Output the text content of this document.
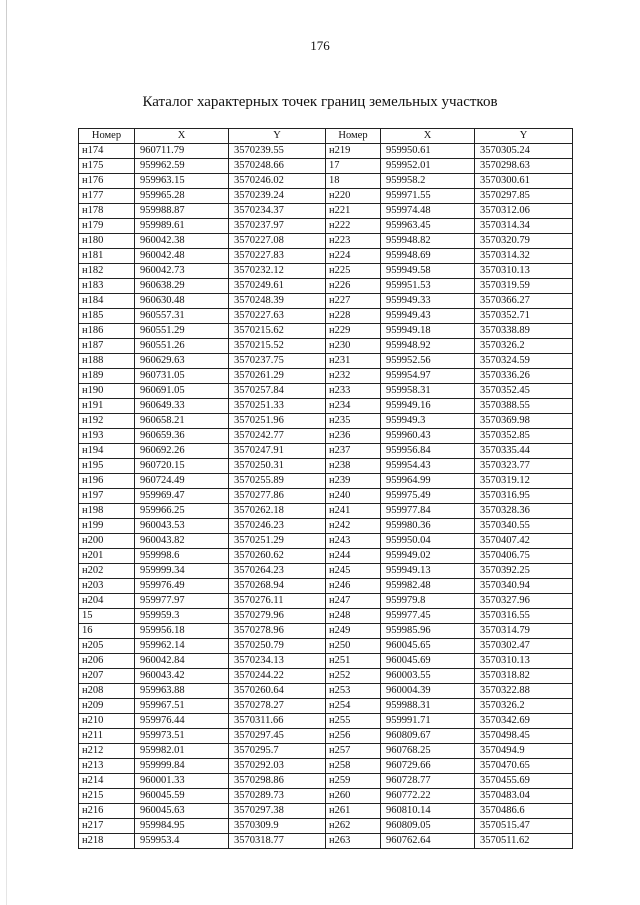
176
Каталог характерных точек границ земельных участков
Номер	X	Y	Номер	X	Y
н174	960711.79	3570239.55	н219	959950.61	3570305.24
н175	959962.59	3570248.66	17	959952.01	3570298.63
н176	959963.15	3570246.02	18	959958.2	3570300.61
н177	959965.28	3570239.24	н220	959971.55	3570297.85
н178	959988.87	3570234.37	н221	959974.48	3570312.06
н179	959989.61	3570237.97	н222	959963.45	3570314.34
н180	960042.38	3570227.08	н223	959948.82	3570320.79
н181	960042.48	3570227.83	н224	959948.69	3570314.32
н182	960042.73	3570232.12	н225	959949.58	3570310.13
н183	960638.29	3570249.61	н226	959951.53	3570319.59
н184	960630.48	3570248.39	н227	959949.33	3570366.27
н185	960557.31	3570227.63	н228	959949.43	3570352.71
н186	960551.29	3570215.62	н229	959949.18	3570338.89
н187	960551.26	3570215.52	н230	959948.92	3570326.2
н188	960629.63	3570237.75	н231	959952.56	3570324.59
н189	960731.05	3570261.29	н232	959954.97	3570336.26
н190	960691.05	3570257.84	н233	959958.31	3570352.45
н191	960649.33	3570251.33	н234	959949.16	3570388.55
н192	960658.21	3570251.96	н235	959949.3	3570369.98
н193	960659.36	3570242.77	н236	959960.43	3570352.85
н194	960692.26	3570247.91	н237	959956.84	3570335.44
н195	960720.15	3570250.31	н238	959954.43	3570323.77
н196	960724.49	3570255.89	н239	959964.99	3570319.12
н197	959969.47	3570277.86	н240	959975.49	3570316.95
н198	959966.25	3570262.18	н241	959977.84	3570328.36
н199	960043.53	3570246.23	н242	959980.36	3570340.55
н200	960043.82	3570251.29	н243	959950.04	3570407.42
н201	959998.6	3570260.62	н244	959949.02	3570406.75
н202	959999.34	3570264.23	н245	959949.13	3570392.25
н203	959976.49	3570268.94	н246	959982.48	3570340.94
н204	959977.97	3570276.11	н247	959979.8	3570327.96
15	959959.3	3570279.96	н248	959977.45	3570316.55
16	959956.18	3570278.96	н249	959985.96	3570314.79
н205	959962.14	3570250.79	н250	960045.65	3570302.47
н206	960042.84	3570234.13	н251	960045.69	3570310.13
н207	960043.42	3570244.22	н252	960003.55	3570318.82
н208	959963.88	3570260.64	н253	960004.39	3570322.88
н209	959967.51	3570278.27	н254	959988.31	3570326.2
н210	959976.44	3570311.66	н255	959991.71	3570342.69
н211	959973.51	3570297.45	н256	960809.67	3570498.45
н212	959982.01	3570295.7	н257	960768.25	3570494.9
н213	959999.84	3570292.03	н258	960729.66	3570470.65
н214	960001.33	3570298.86	н259	960728.77	3570455.69
н215	960045.59	3570289.73	н260	960772.22	3570483.04
н216	960045.63	3570297.38	н261	960810.14	3570486.6
н217	959984.95	3570309.9	н262	960809.05	3570515.47
н218	959953.4	3570318.77	н263	960762.64	3570511.62
